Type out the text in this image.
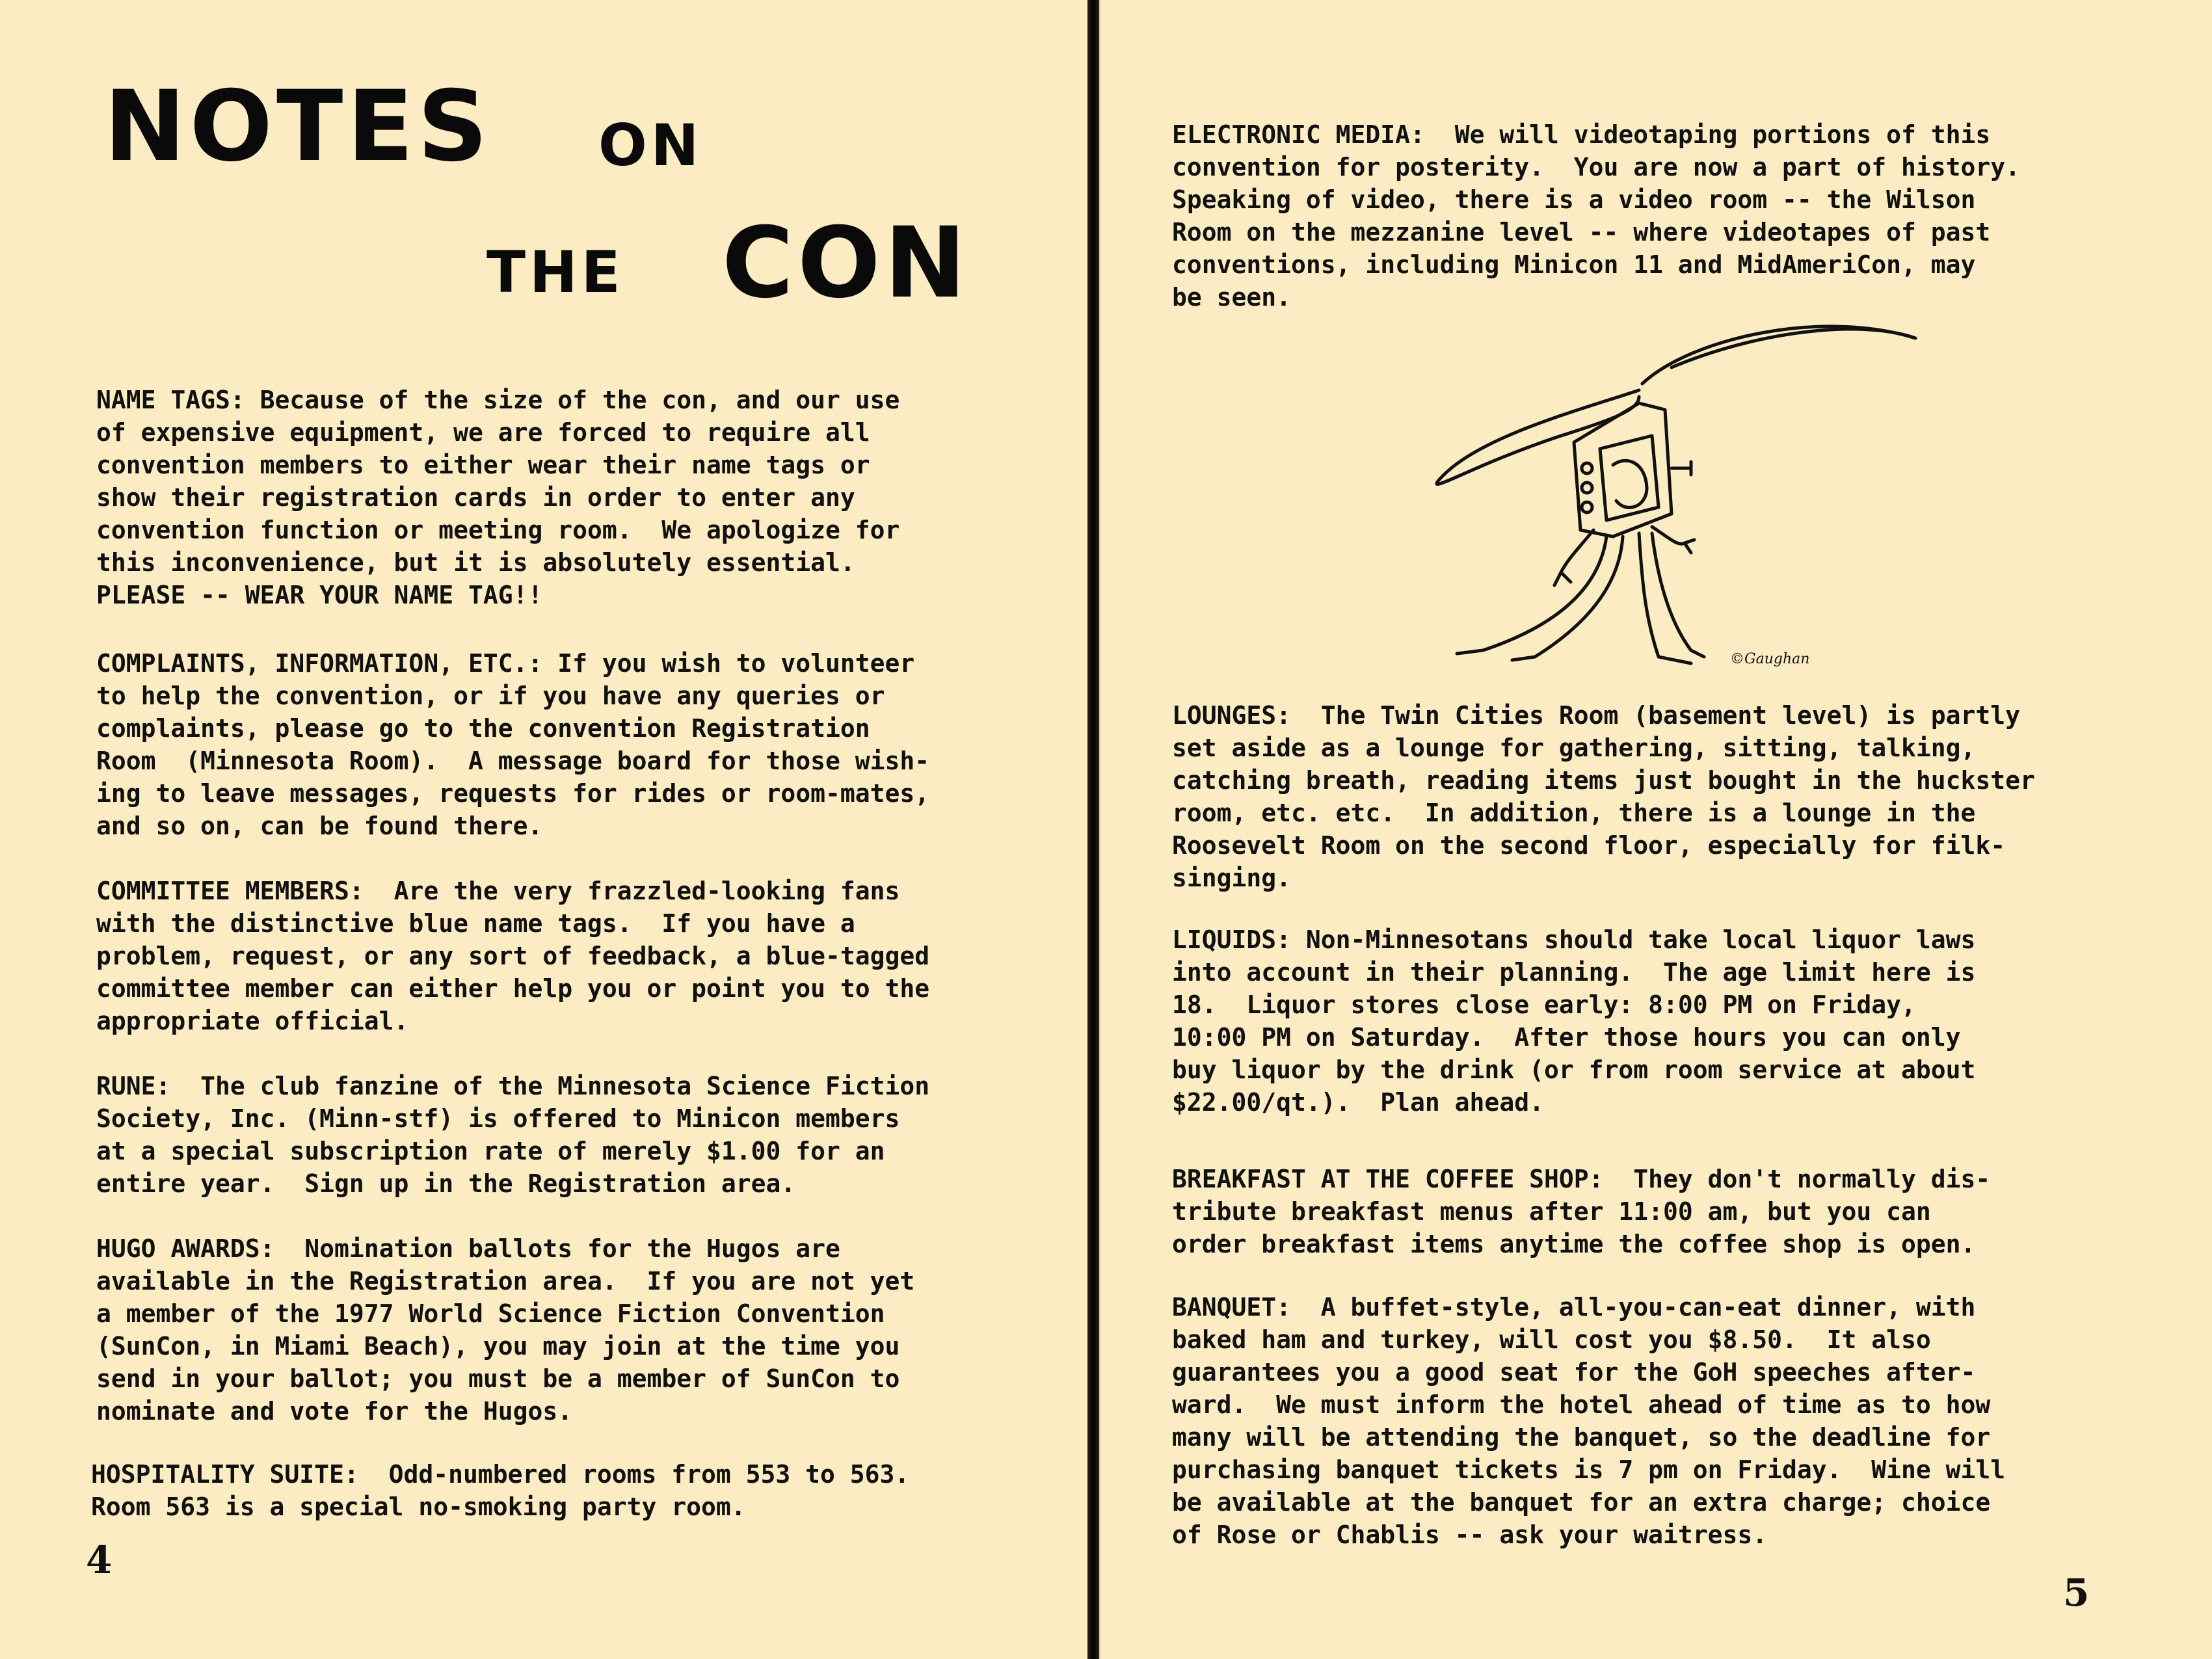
NOTES ON
THE CON

NAME TAGS: Because of the size of the con, and our use
of expensive equipment, we are forced to require all
convention members to either wear their name tags or
show their registration cards in order to enter any
convention function or meeting room.  We apologize for
this inconvenience, but it is absolutely essential.
PLEASE -- WEAR YOUR NAME TAG!!

COMPLAINTS, INFORMATION, ETC.: If you wish to volunteer
to help the convention, or if you have any queries or
complaints, please go to the convention Registration
Room  (Minnesota Room).  A message board for those wish-
ing to leave messages, requests for rides or room-mates,
and so on, can be found there.

COMMITTEE MEMBERS:  Are the very frazzled-looking fans
with the distinctive blue name tags.  If you have a
problem, request, or any sort of feedback, a blue-tagged
committee member can either help you or point you to the
appropriate official.

RUNE:  The club fanzine of the Minnesota Science Fiction
Society, Inc. (Minn-stf) is offered to Minicon members
at a special subscription rate of merely $1.00 for an
entire year.  Sign up in the Registration area.

HUGO AWARDS:  Nomination ballots for the Hugos are
available in the Registration area.  If you are not yet
a member of the 1977 World Science Fiction Convention
(SunCon, in Miami Beach), you may join at the time you
send in your ballot; you must be a member of SunCon to
nominate and vote for the Hugos.

HOSPITALITY SUITE:  Odd-numbered rooms from 553 to 563.
Room 563 is a special no-smoking party room.

4

ELECTRONIC MEDIA:  We will videotaping portions of this
convention for posterity.  You are now a part of history.
Speaking of video, there is a video room -- the Wilson
Room on the mezzanine level -- where videotapes of past
conventions, including Minicon 11 and MidAmeriCon, may
be seen.

LOUNGES:  The Twin Cities Room (basement level) is partly
set aside as a lounge for gathering, sitting, talking,
catching breath, reading items just bought in the huckster
room, etc. etc.  In addition, there is a lounge in the
Roosevelt Room on the second floor, especially for filk-
singing.

LIQUIDS: Non-Minnesotans should take local liquor laws
into account in their planning.  The age limit here is
18.  Liquor stores close early: 8:00 PM on Friday,
10:00 PM on Saturday.  After those hours you can only
buy liquor by the drink (or from room service at about
$22.00/qt.).  Plan ahead.

BREAKFAST AT THE COFFEE SHOP:  They don't normally dis-
tribute breakfast menus after 11:00 am, but you can
order breakfast items anytime the coffee shop is open.

BANQUET:  A buffet-style, all-you-can-eat dinner, with
baked ham and turkey, will cost you $8.50.  It also
guarantees you a good seat for the GoH speeches after-
ward.  We must inform the hotel ahead of time as to how
many will be attending the banquet, so the deadline for
purchasing banquet tickets is 7 pm on Friday.  Wine will
be available at the banquet for an extra charge; choice
of Rose or Chablis -- ask your waitress.

5
©Gaughan
